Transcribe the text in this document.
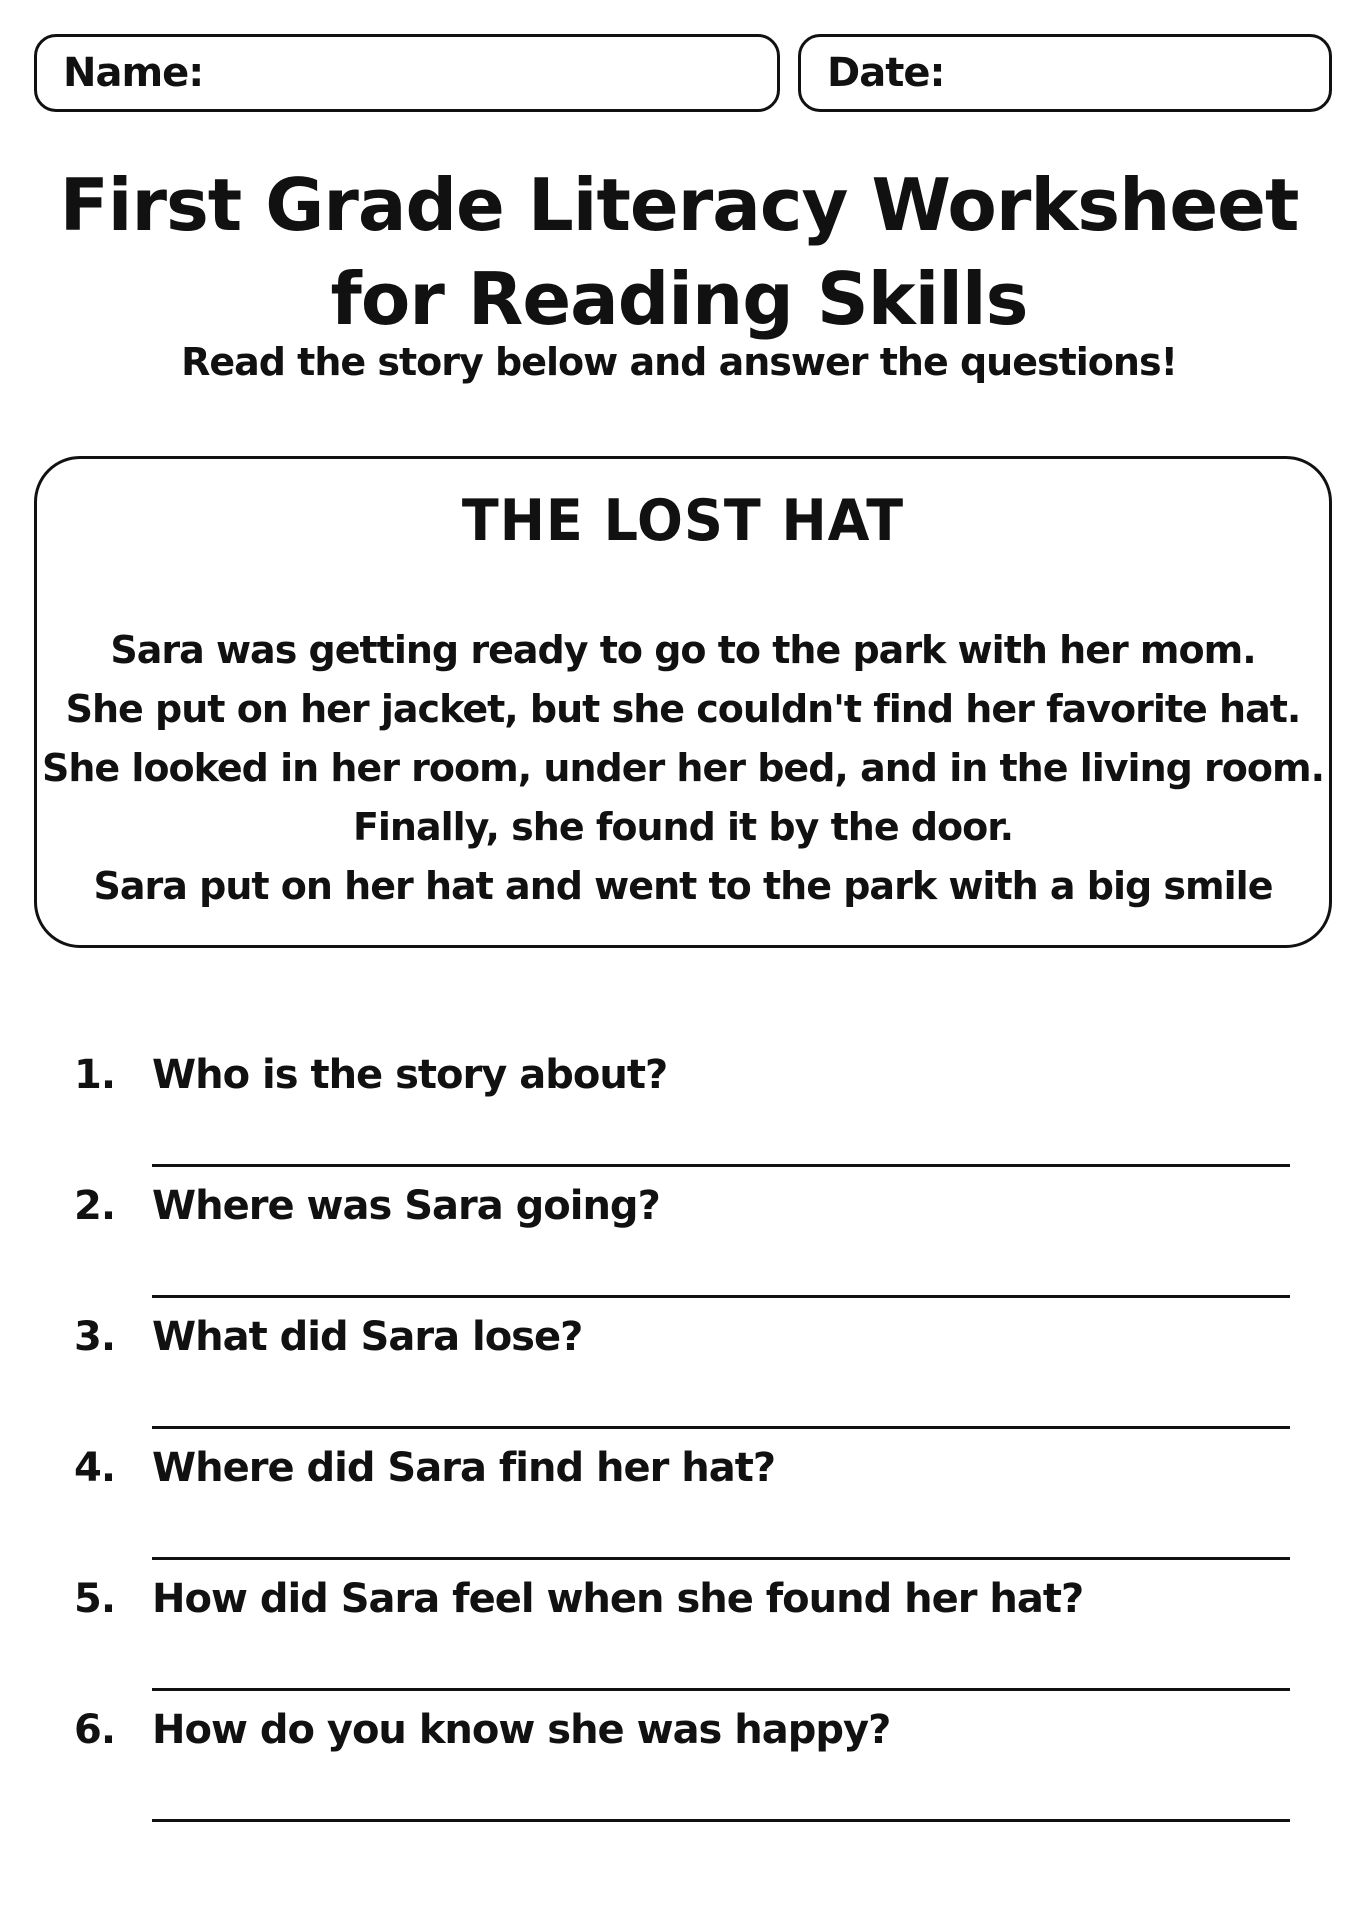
Name:	Date:
First Grade Literacy Worksheet
for Reading Skills
Read the story below and answer the questions!
THE LOST HAT
Sara was getting ready to go to the park with her mom.
She put on her jacket, but she couldn't find her favorite hat.
She looked in her room, under her bed, and in the living room.
Finally, she found it by the door.
Sara put on her hat and went to the park with a big smile
1. Who is the story about?
2. Where was Sara going?
3. What did Sara lose?
4. Where did Sara find her hat?
5. How did Sara feel when she found her hat?
6. How do you know she was happy?
